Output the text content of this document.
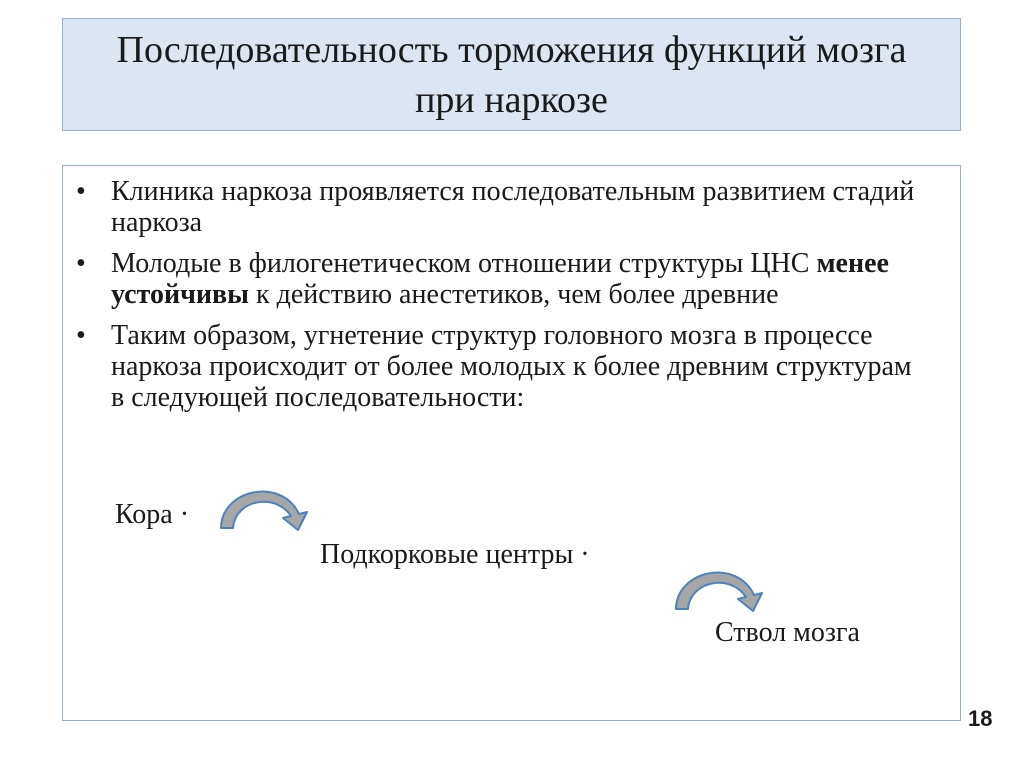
Последовательность торможения функций мозга при наркозе
• Клиника наркоза проявляется последовательным развитием стадий наркоза
• Молодые в филогенетическом отношении структуры ЦНС менее устойчивы к действию анестетиков, чем более древние
• Таким образом, угнетение структур головного мозга в процессе наркоза происходит от более молодых к более древним структурам в следующей последовательности:
Кора ·
Подкорковые центры ·
Ствол мозга
18
